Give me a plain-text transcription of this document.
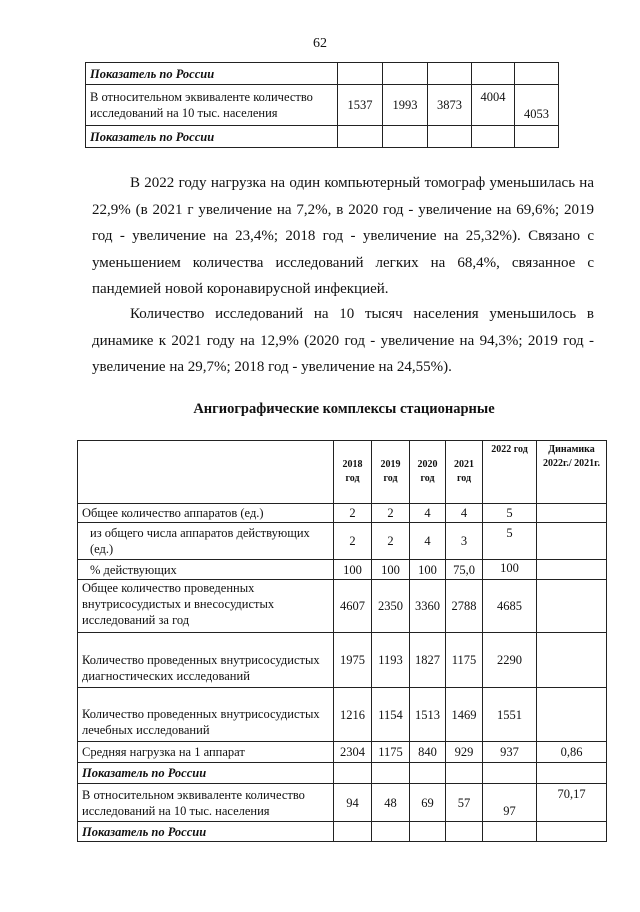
62
Показатель по России					
В относительном эквиваленте количество исследований на 10 тыс. населения	1537	1993	3873	4004	4053
Показатель по России					

В 2022 году нагрузка на один компьютерный томограф уменьшилась на 22,9% (в 2021 г увеличение на 7,2%, в 2020 год - увеличение на 69,6%; 2019 год - увеличение на 23,4%; 2018 год - увеличение на 25,32%). Связано с уменьшением количества исследований легких на 68,4%, связанное с пандемией новой коронавирусной инфекцией.

Количество исследований на 10 тысяч населения уменьшилось в динамике к 2021 году на 12,9% (2020 год - увеличение на 94,3%; 2019 год - увеличение на 29,7%; 2018 год - увеличение на 24,55%).

Ангиографические комплексы стационарные
	2018 год	2019 год	2020 год	2021 год	2022 год	Динамика 2022г./ 2021г.
Общее количество аппаратов (ед.)	2	2	4	4	5	
из общего числа аппаратов действующих (ед.)	2	2	4	3	5	
% действующих	100	100	100	75,0	100	
Общее количество проведенных внутрисосудистых и внесосудистых исследований за год	4607	2350	3360	2788	4685	
Количество проведенных внутрисосудистых диагностических исследований	1975	1193	1827	1175	2290	
Количество проведенных внутрисосудистых лечебных исследований	1216	1154	1513	1469	1551	
Средняя нагрузка на 1 аппарат	2304	1175	840	929	937	0,86
Показатель по России						
В относительном эквиваленте количество исследований на 10 тыс. населения	94	48	69	57	97	70,17
Показатель по России						
